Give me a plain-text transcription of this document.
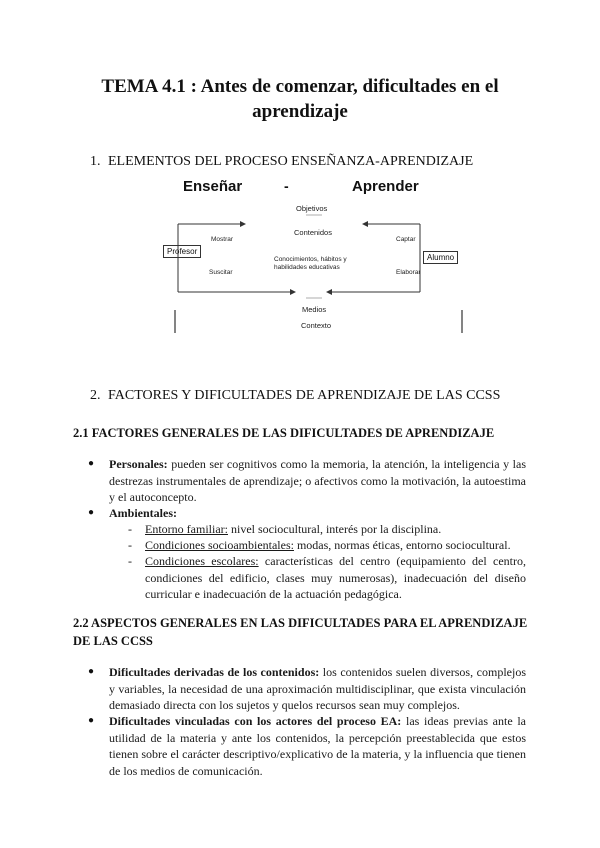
TEMA 4.1 : Antes de comenzar, dificultades en el aprendizaje
1. ELEMENTOS DEL PROCESO ENSEÑANZA-APRENDIZAJE
Enseñar	Aprender
-
Objetivos
Contenidos
Mostrar	Captar
Profesor
Alumno
Conocimientos, hábitos y habilidades educativas
Suscitar	Elaborar
Medios
Contexto
2. FACTORES Y DIFICULTADES DE APRENDIZAJE DE LAS CCSS
2.1 FACTORES GENERALES DE LAS DIFICULTADES DE APRENDIZAJE
● Personales: pueden ser cognitivos como la memoria, la atención, la inteligencia y las destrezas instrumentales de aprendizaje; o afectivos como la motivación, la autoestima y el autoconcepto.
● Ambientales:
- Entorno familiar: nivel sociocultural, interés por la disciplina.
- Condiciones socioambientales: modas, normas éticas, entorno sociocultural.
- Condiciones escolares: características del centro (equipamiento del centro, condiciones del edificio, clases muy numerosas), inadecuación del diseño curricular e inadecuación de la actuación pedagógica.
2.2 ASPECTOS GENERALES EN LAS DIFICULTADES PARA EL APRENDIZAJE DE LAS CCSS
● Dificultades derivadas de los contenidos: los contenidos suelen diversos, complejos y variables, la necesidad de una aproximación multidisciplinar, que exista vinculación demasiado directa con los sujetos y quelos recursos sean muy complejos.
● Dificultades vinculadas con los actores del proceso EA: las ideas previas ante la utilidad de la materia y ante los contenidos, la percepción preestablecida que estos tienen sobre el carácter descriptivo/explicativo de la materia, y la influencia que tienen de los medios de comunicación.
